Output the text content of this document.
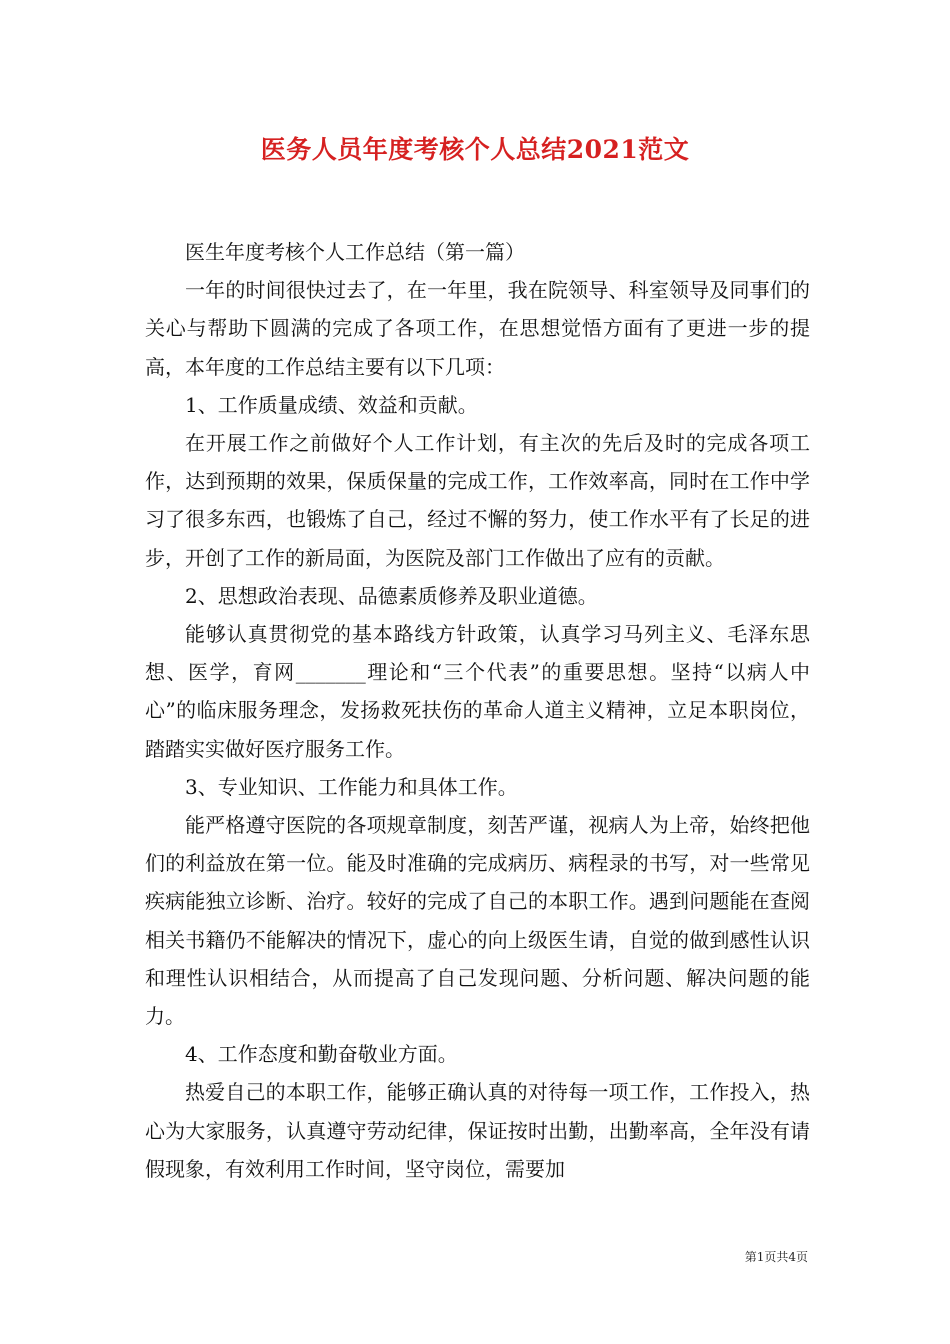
医务人员年度考核个人总结2021范文

医生年度考核个人工作总结（第一篇）

一年的时间很快过去了，在一年里，我在院领导、科室领导及同事们的关心与帮助下圆满的完成了各项工作，在思想觉悟方面有了更进一步的提高，本年度的工作总结主要有以下几项：

1、工作质量成绩、效益和贡献。

在开展工作之前做好个人工作计划，有主次的先后及时的完成各项工作，达到预期的效果，保质保量的完成工作，工作效率高，同时在工作中学习了很多东西，也锻炼了自己，经过不懈的努力，使工作水平有了长足的进步，开创了工作的新局面，为医院及部门工作做出了应有的贡献。

2、思想政治表现、品德素质修养及职业道德。

能够认真贯彻党的基本路线方针政策，认真学习马列主义、毛泽东思想、医学，育网_______理论和“三个代表”的重要思想。坚持“以病人中心”的临床服务理念，发扬救死扶伤的革命人道主义精神，立足本职岗位，踏踏实实做好医疗服务工作。

3、专业知识、工作能力和具体工作。

能严格遵守医院的各项规章制度，刻苦严谨，视病人为上帝，始终把他们的利益放在第一位。能及时准确的完成病历、病程录的书写，对一些常见疾病能独立诊断、治疗。较好的完成了自己的本职工作。遇到问题能在查阅相关书籍仍不能解决的情况下，虚心的向上级医生请，自觉的做到感性认识和理性认识相结合，从而提高了自己发现问题、分析问题、解决问题的能力。

4、工作态度和勤奋敬业方面。

热爱自己的本职工作，能够正确认真的对待每一项工作，工作投入，热心为大家服务，认真遵守劳动纪律，保证按时出勤，出勤率高，全年没有请假现象，有效利用工作时间，坚守岗位，需要加

第1页共4页
